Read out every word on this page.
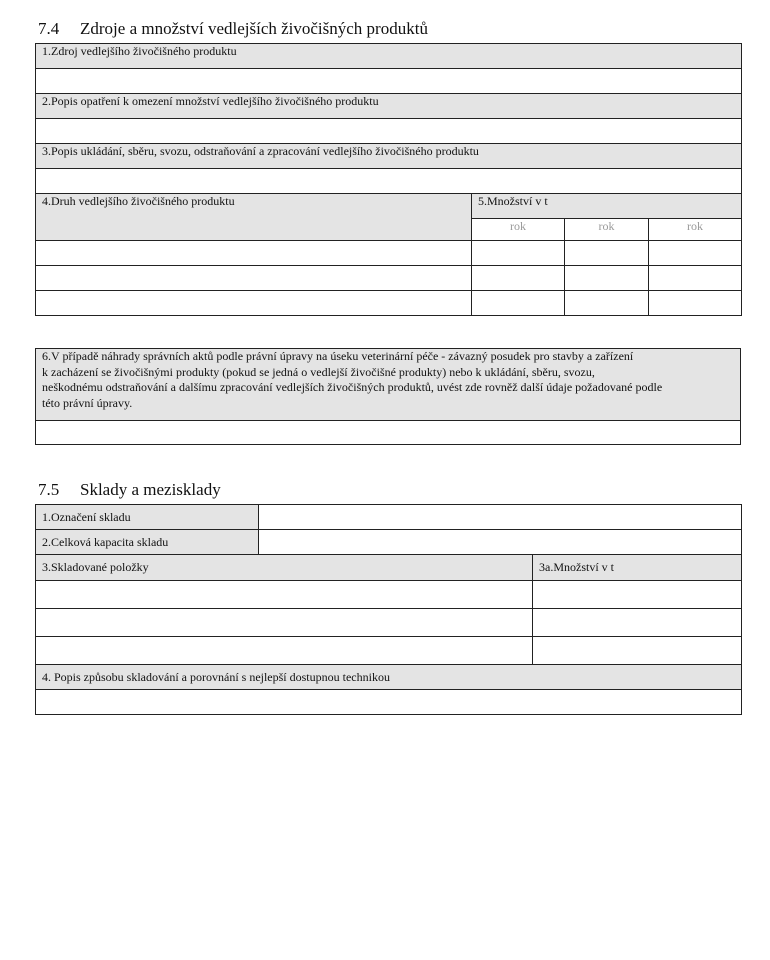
7.4 Zdroje a množství vedlejších živočišných produktů
1.Zdroj vedlejšího živočišného produktu			

2.Popis opatření k omezení množství vedlejšího živočišného produktu			

3.Popis ukládání, sběru, svozu, odstraňování a zpracování vedlejšího živočišného produktu			

4.Druh vedlejšího živočišného produktu	5.Množství v t		
	rok	rok	rok

6.V případě náhrady správních aktů podle právní úpravy na úseku veterinární péče - závazný posudek pro stavby a zařízení
k zacházení se živočišnými produkty (pokud se jedná o vedlejší živočišné produkty) nebo k ukládání, sběru, svozu,
neškodnému odstraňování a dalšímu zpracování vedlejších živočišných produktů, uvést zde rovněž další údaje požadované podle
této právní úpravy.

7.5 Sklady a mezisklady
1.Označení skladu		
2.Celková kapacita skladu		
3.Skladované položky		3a.Množství v t

4. Popis způsobu skladování a porovnání s nejlepší dostupnou technikou		
